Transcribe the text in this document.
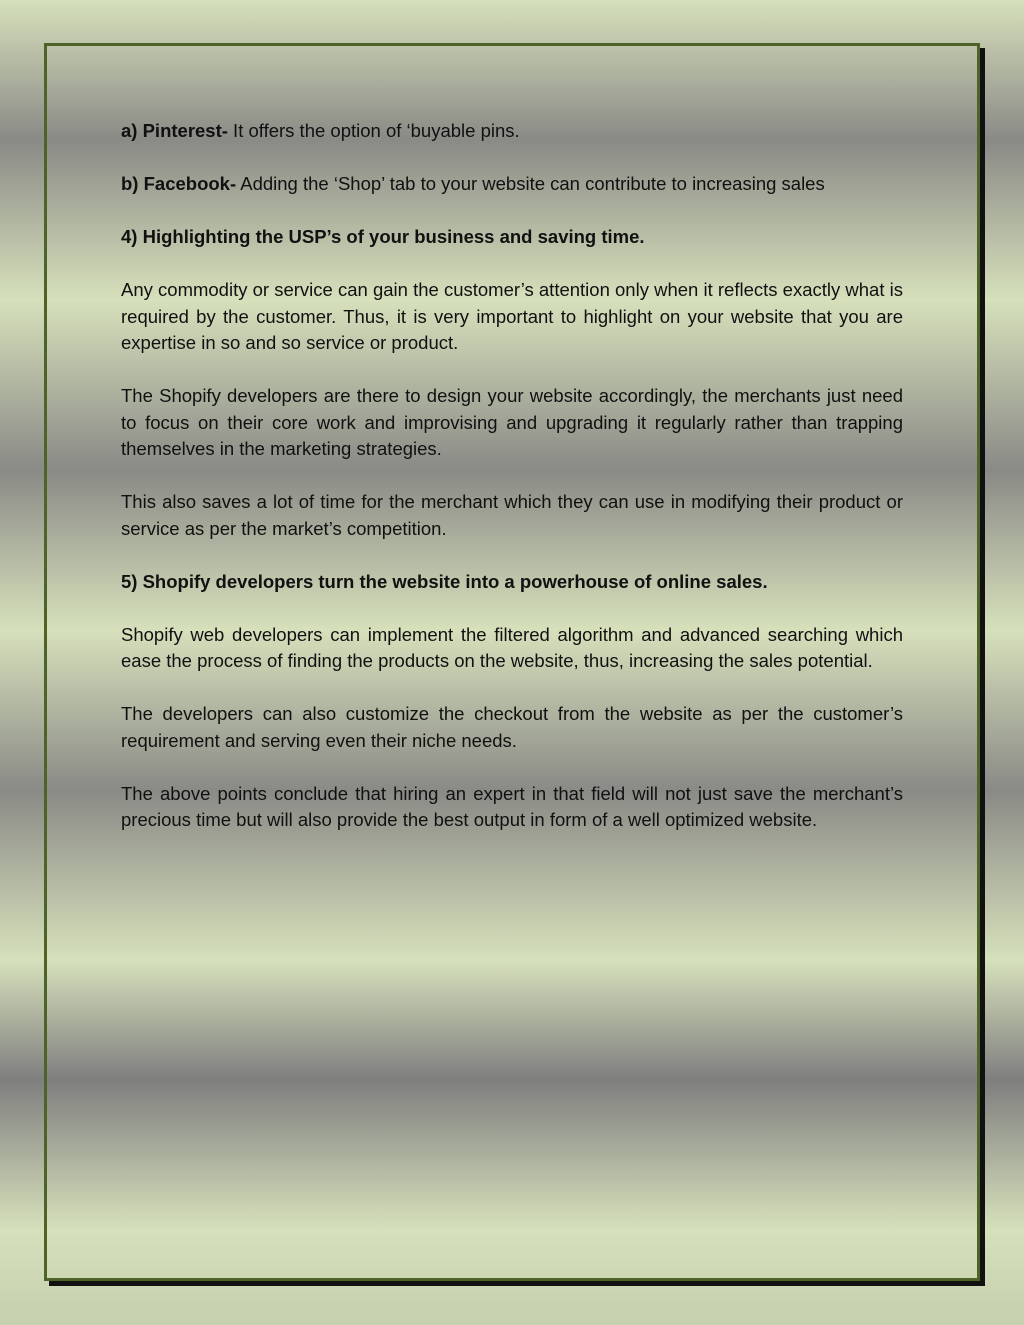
a) Pinterest- It offers the option of ‘buyable pins.

b) Facebook- Adding the ‘Shop’ tab to your website can contribute to increasing sales

4) Highlighting the USP’s of your business and saving time.

Any commodity or service can gain the customer’s attention only when it reflects exactly what is required by the customer. Thus, it is very important to highlight on your website that you are expertise in so and so service or product.

The Shopify developers are there to design your website accordingly, the merchants just need to focus on their core work and improvising and upgrading it regularly rather than trapping themselves in the marketing strategies.

This also saves a lot of time for the merchant which they can use in modifying their product or service as per the market’s competition.

5) Shopify developers turn the website into a powerhouse of online sales.

Shopify web developers can implement the filtered algorithm and advanced searching which ease the process of finding the products on the website, thus, increasing the sales potential.

The developers can also customize the checkout from the website as per the customer’s requirement and serving even their niche needs.

The above points conclude that hiring an expert in that field will not just save the merchant’s precious time but will also provide the best output in form of a well optimized website.
